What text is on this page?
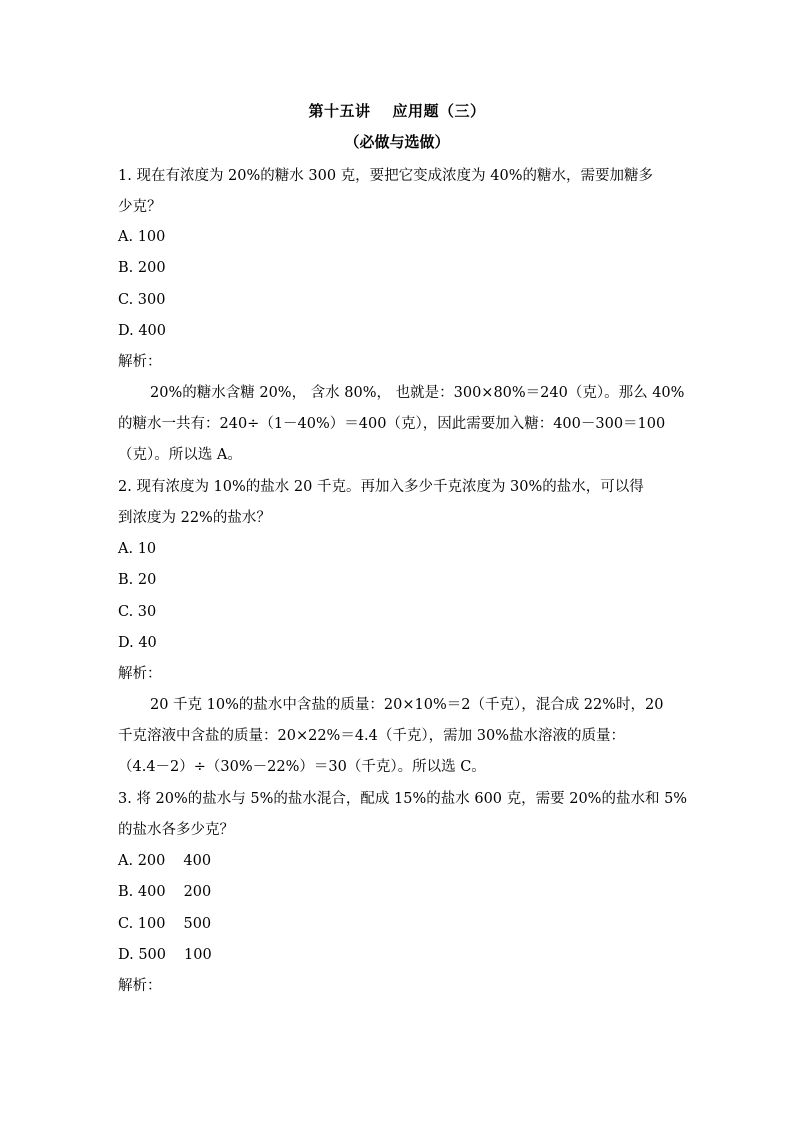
第十五讲 应用题（三）
（必做与选做）
1. 现在有浓度为 20%的糖水 300 克，要把它变成浓度为 40%的糖水，需要加糖多
少克？
A. 100
B. 200
C. 300
D. 400
解析：
20%的糖水含糖 20%， 含水 80%， 也就是：300×80%＝240（克）。那么 40%
的糖水一共有：240÷（1－40%）＝400（克），因此需要加入糖：400－300＝100
（克）。所以选 A。
2. 现有浓度为 10%的盐水 20 千克。再加入多少千克浓度为 30%的盐水，可以得
到浓度为 22%的盐水？
A. 10
B. 20
C. 30
D. 40
解析：
20 千克 10%的盐水中含盐的质量：20×10%＝2（千克），混合成 22%时，20
千克溶液中含盐的质量：20×22%＝4.4（千克），需加 30%盐水溶液的质量：
（4.4－2）÷（30%－22%）＝30（千克）。所以选 C。
3. 将 20%的盐水与 5%的盐水混合，配成 15%的盐水 600 克，需要 20%的盐水和 5%
的盐水各多少克？
A. 200 400
B. 400 200
C. 100 500
D. 500 100
解析：
